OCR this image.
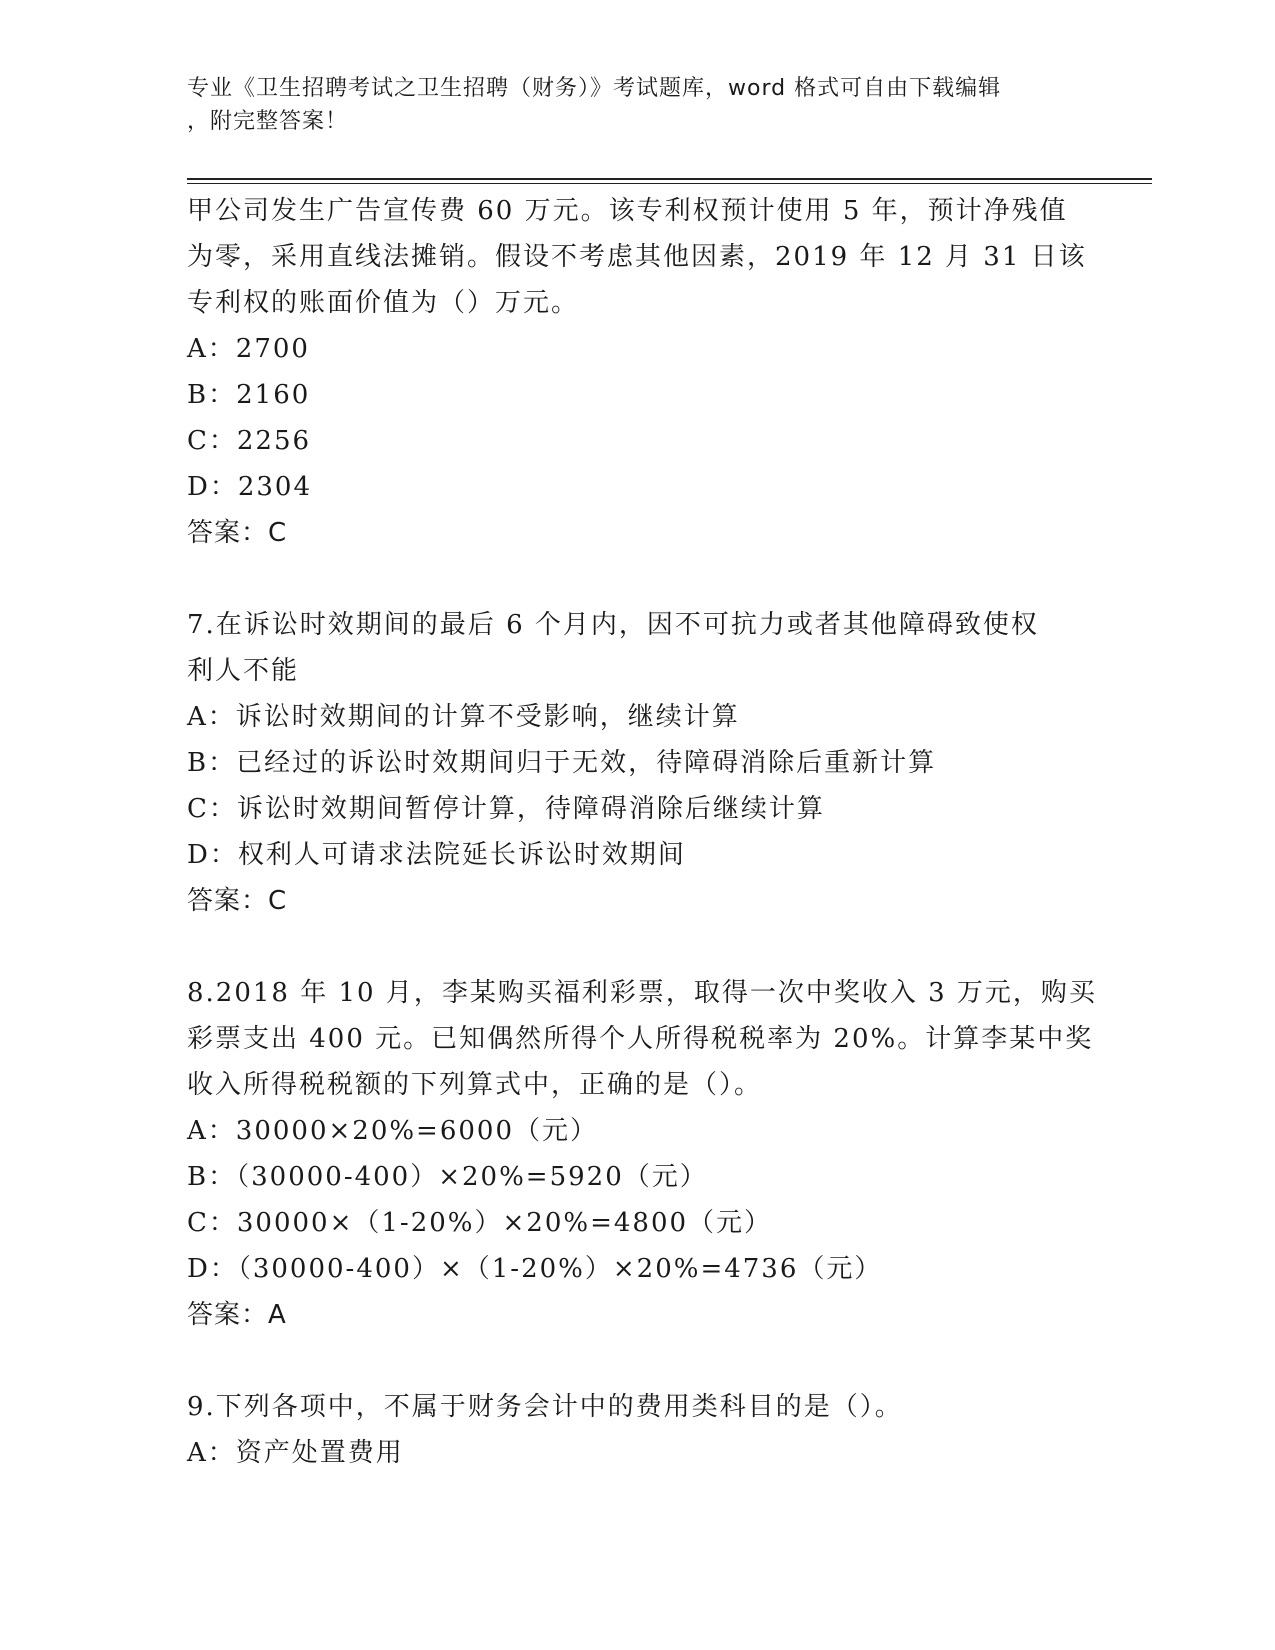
专业《卫生招聘考试之卫生招聘（财务）》考试题库，word 格式可自由下载编辑
，附完整答案！
甲公司发生广告宣传费 60 万元。该专利权预计使用 5 年，预计净残值
为零，采用直线法摊销。假设不考虑其他因素，2019 年 12 月 31 日该
专利权的账面价值为（）万元。
A：2700
B：2160
C：2256
D：2304
答案：C
7.在诉讼时效期间的最后 6 个月内，因不可抗力或者其他障碍致使权
利人不能
A：诉讼时效期间的计算不受影响，继续计算
B：已经过的诉讼时效期间归于无效，待障碍消除后重新计算
C：诉讼时效期间暂停计算，待障碍消除后继续计算
D：权利人可请求法院延长诉讼时效期间
答案：C
8.2018 年 10 月，李某购买福利彩票，取得一次中奖收入 3 万元，购买
彩票支出 400 元。已知偶然所得个人所得税税率为 20%。计算李某中奖
收入所得税税额的下列算式中，正确的是（）。
A：30000×20%=6000（元）
B：（30000-400）×20%=5920（元）
C：30000×（1-20%）×20%=4800（元）
D：（30000-400）×（1-20%）×20%=4736（元）
答案：A
9.下列各项中，不属于财务会计中的费用类科目的是（）。
A：资产处置费用
